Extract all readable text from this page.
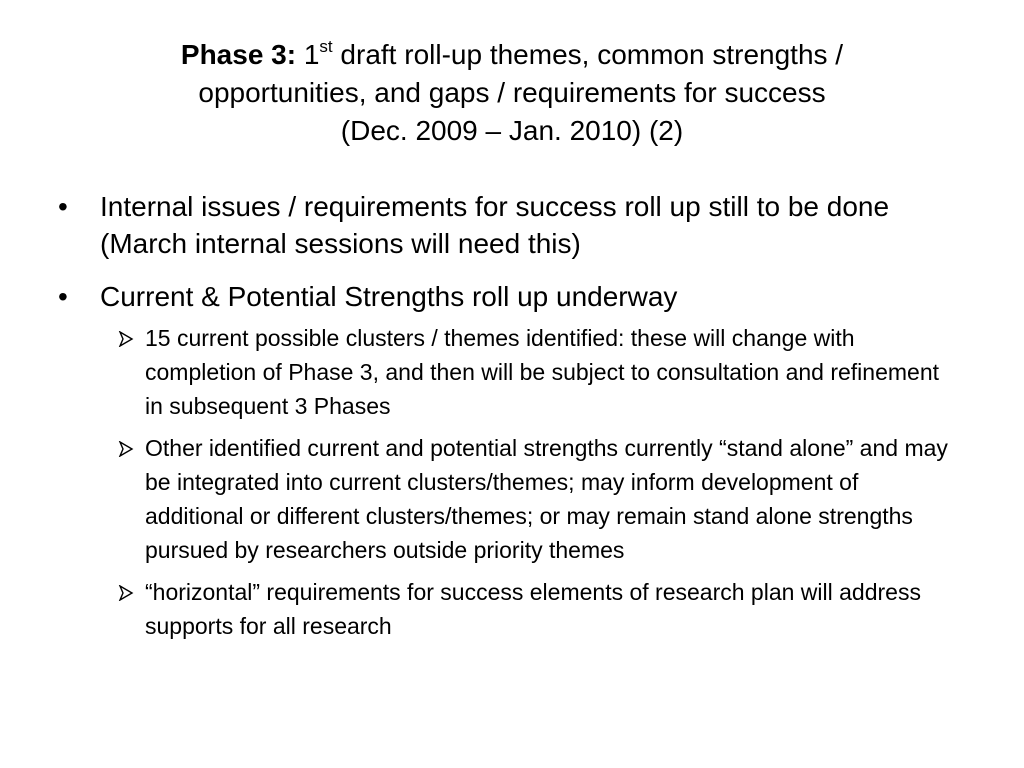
Phase 3: 1st draft roll-up themes, common strengths /
opportunities, and gaps / requirements for success
(Dec. 2009 – Jan. 2010) (2)
• Internal issues / requirements for success roll up still to be done (March internal sessions will need this)
• Current & Potential Strengths roll up underway
15 current possible clusters / themes identified: these will change with completion of Phase 3, and then will be subject to consultation and refinement in subsequent 3 Phases
Other identified current and potential strengths currently “stand alone” and may be integrated into current clusters/themes; may inform development of additional or different clusters/themes; or may remain stand alone strengths pursued by researchers outside priority themes
“horizontal” requirements for success elements of research plan will address supports for all research
